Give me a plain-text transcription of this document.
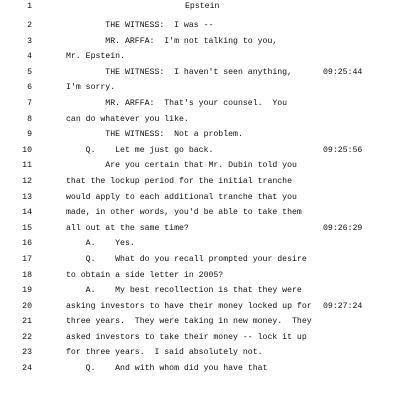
1	Epstein
2	THE WITNESS:  I was --
3	MR. ARFFA:  I'm not talking to you,
4	Mr. Epstein.
5	THE WITNESS:  I haven't seen anything,	09:25:44
6	I'm sorry.
7	MR. ARFFA:  That's your counsel.  You
8	can do whatever you like.
9	THE WITNESS:  Not a problem.
10	Q.    Let me just go back.	09:25:56
11	Are you certain that Mr. Dubin told you
12	that the lockup period for the initial tranche
13	would apply to each additional tranche that you
14	made, in other words, you'd be able to take them
15	all out at the same time?	09:26:29
16	A.    Yes.
17	Q.    What do you recall prompted your desire
18	to obtain a side letter in 2005?
19	A.    My best recollection is that they were
20	asking investors to have their money locked up for 09:27:24
21	three years.  They were taking in new money.  They
22	asked investors to take their money -- lock it up
23	for three years.  I said absolutely not.
24	Q.    And with whom did you have that
